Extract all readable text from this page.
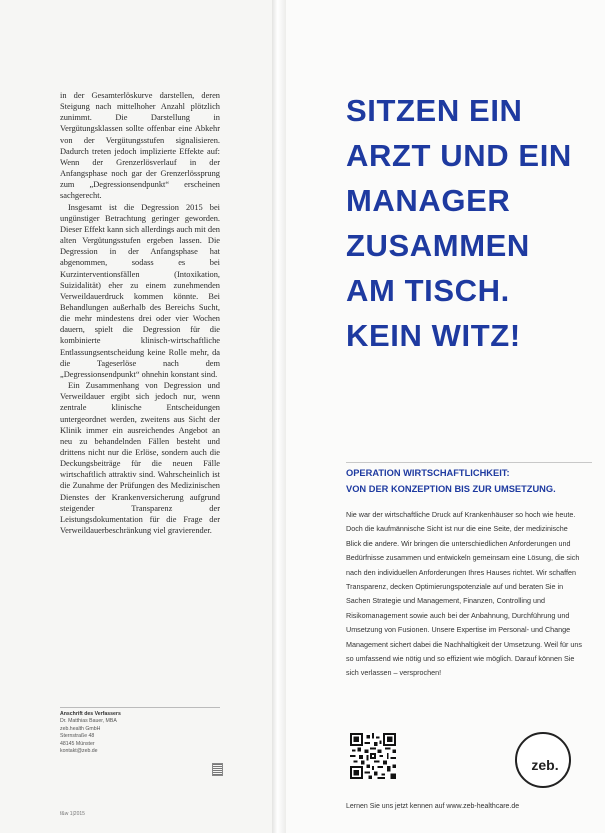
in der Gesamterlöskurve darstellen, deren Steigung nach mittelhoher Anzahl plötzlich zunimmt. Die Darstellung in Vergütungsklassen sollte offenbar eine Abkehr von der Vergütungsstufen signalisieren. Dadurch treten jedoch implizierte Effekte auf: Wenn der Grenzerlösverlauf in der Anfangsphase noch gar der Grenzerlössprung zum „Degressionsendpunkt“ erscheinen sachgerecht.

Insgesamt ist die Degression 2015 bei ungünstiger Betrachtung geringer geworden. Dieser Effekt kann sich allerdings auch mit den alten Vergütungsstufen ergeben lassen. Die Degression in der Anfangsphase hat abgenommen, sodass es bei Kurzinterventionsfällen (Intoxikation, Suizidalität) eher zu einem zunehmenden Verweildauerdruck kommen könnte. Bei Behandlungen außerhalb des Bereichs Sucht, die mehr mindestens drei oder vier Wochen dauern, spielt die Degression für die kombinierte klinisch-wirtschaftliche Entlassungsentscheidung keine Rolle mehr, da die Tageserlöse nach dem „Degressionsendpunkt“ ohnehin konstant sind.

Ein Zusammenhang von Degression und Verweildauer ergibt sich jedoch nur, wenn zentrale klinische Entscheidungen untergeordnet werden, zweitens aus Sicht der Klinik immer ein ausreichendes Angebot an neu zu behandelnden Fällen besteht und drittens nicht nur die Erlöse, sondern auch die Deckungsbeiträge für die neuen Fälle wirtschaftlich attraktiv sind. Wahrscheinlich ist die Zunahme der Prüfungen des Medizinischen Dienstes der Krankenversicherung aufgrund steigender Transparenz der Leistungsdokumentation für die Frage der Verweildauerbeschränkung viel gravierender.

Anschrift des Verfassers
Dr. Matthias Bauer, MBA
zeb.health GmbH
Sternstraße 48
48145 Münster
kontakt@zeb.de
f&w 1|2015
SITZEN EIN
ARZT UND EIN
MANAGER
ZUSAMMEN
AM TISCH.
KEIN WITZ!
OPERATION WIRTSCHAFTLICHKEIT:
VON DER KONZEPTION BIS ZUR UMSETZUNG.
Nie war der wirtschaftliche Druck auf Krankenhäuser so hoch wie heute. Doch die kaufmännische Sicht ist nur die eine Seite, der medizinische Blick die andere. Wir bringen die unterschiedlichen Anforderungen und Bedürfnisse zusammen und entwickeln gemeinsam eine Lösung, die sich nach den individuellen Anforderungen Ihres Hauses richtet. Wir schaffen Transparenz, decken Optimierungspotenziale auf und beraten Sie in Sachen Strategie und Management, Finanzen, Controlling und Risikomanagement sowie auch bei der Anbahnung, Durchführung und Umsetzung von Fusionen. Unsere Expertise im Personal- und Change Management sichert dabei die Nachhaltigkeit der Umsetzung. Weil für uns so umfassend wie nötig und so effizient wie möglich. Darauf können Sie sich verlassen – versprochen!
zeb.
Lernen Sie uns jetzt kennen auf www.zeb-healthcare.de
